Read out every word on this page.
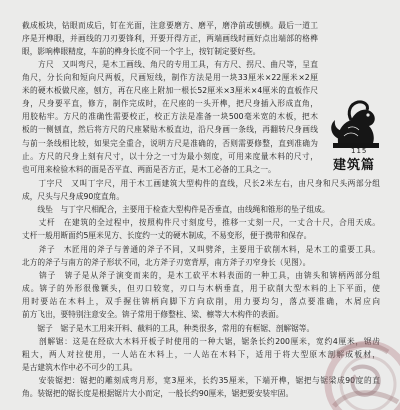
截成板块，钻眼而成后，钉在光面，注意要磨方、磨平，磨净前或刨横。最后一道工
序是开榫眼，并画线的刀刃要锋利，开要开得方正，两端画线时画好点出端部的格榫
眼，影响榫眼精度，车前的榫身长度不同一个字上，按钉制定要好些。
　　方尺　又叫弯尺，是木工画线、角尺的专用工具，有方尺、拐尺、曲尺等，呈直
角尺，分长向和短向尺两板，尺画短线，制作方法是用一块33厘米×22厘米×2厘
米的硬木板做尺座，刨方，再在尺座上附加一根长52厘米×3厘米×4厘米的直板作尺
身，尺身要平直，修方，制作完成时，在尺座的一头开榫，把尺身插入形成直角，
用胶粘牢。方尺的准确性需要校正，校正方法是准备一块500毫米宽的木板，把木
板的一侧刨直，然后将方尺的尺座紧贴木板直边，沿尺身画一条线，再翻转尺身画线
与前一条线相比较，如果完全重合，说明方尺是准确的，否则需要修整，直到准确为
止。方尺的尺身上刻有尺寸，以十分之一寸为最小刻度，可用来度量木料的尺寸，
也可用来检验木料的面是否平直、两面是否方正，是木工必备的工具之一。
　　丁字尺　又叫丁字尺，用于木工画建筑大型构件的直线，尺长2米左右，由尺身和尺头两部分组
成，尺头与尺身成90度直角。
　　线坠　与丁字尺相配合，主要用于检查大型构件是否垂直，由线绳和锥形的坠子组成。
　　丈杆　在建筑的全过程中，按照构件尺寸刻度号，推移一丈刻一尺，一丈合十尺，合用天成。
丈杆一般用断面约5厘米见方、长度约一丈的硬木制成，不易变形，便于携带和保存。
　　斧子　木匠用的斧子与普通的斧子不同，又叫劈斧，主要用于砍削木料，是木工的重要工具。
北方的斧子与南方的斧子形状不同，北方斧子刃宽背厚，南方斧子刃窄身长（见图）。
　　锛子　锛子是从斧子演变而来的，是木工砍平木料表面的一种工具，由锛头和锛柄两部分组
成。锛子的外形很像镢头，但刃口较宽，刃口与木柄垂直，用于砍削大型木料的上下平面，使
用时要站在木料上，双手握住锛柄向脚下方向砍削，用力要均匀，落点要准确，木屑应向
前方飞出，要特别注意安全。锛子常用于修整柱、梁、檩等大木构件的表面。
　　锯子　锯子是木工用来开料、截料的工具，种类很多，常用的有框锯、剖解锯等。
　　剖解锯：这是在经砍大木料开板子时使用的一种大锯，锯条长约200厘米，宽约4厘米，锯齿
粗大，两人对拉使用，一人站在木料上，一人站在木料下，适用于将大型原木剖解成板材，
是古建筑木作中必不可少的工具。
　　安装锯把：锯把的雕刻成弯月形，宽3厘米，长约35厘米，下端开榫，锯把与锯梁成90度的直
角。装锯把的锯长度是根据锯片大小而定，一般长约90厘米，锯把要安装牢固。
115
建筑篇
